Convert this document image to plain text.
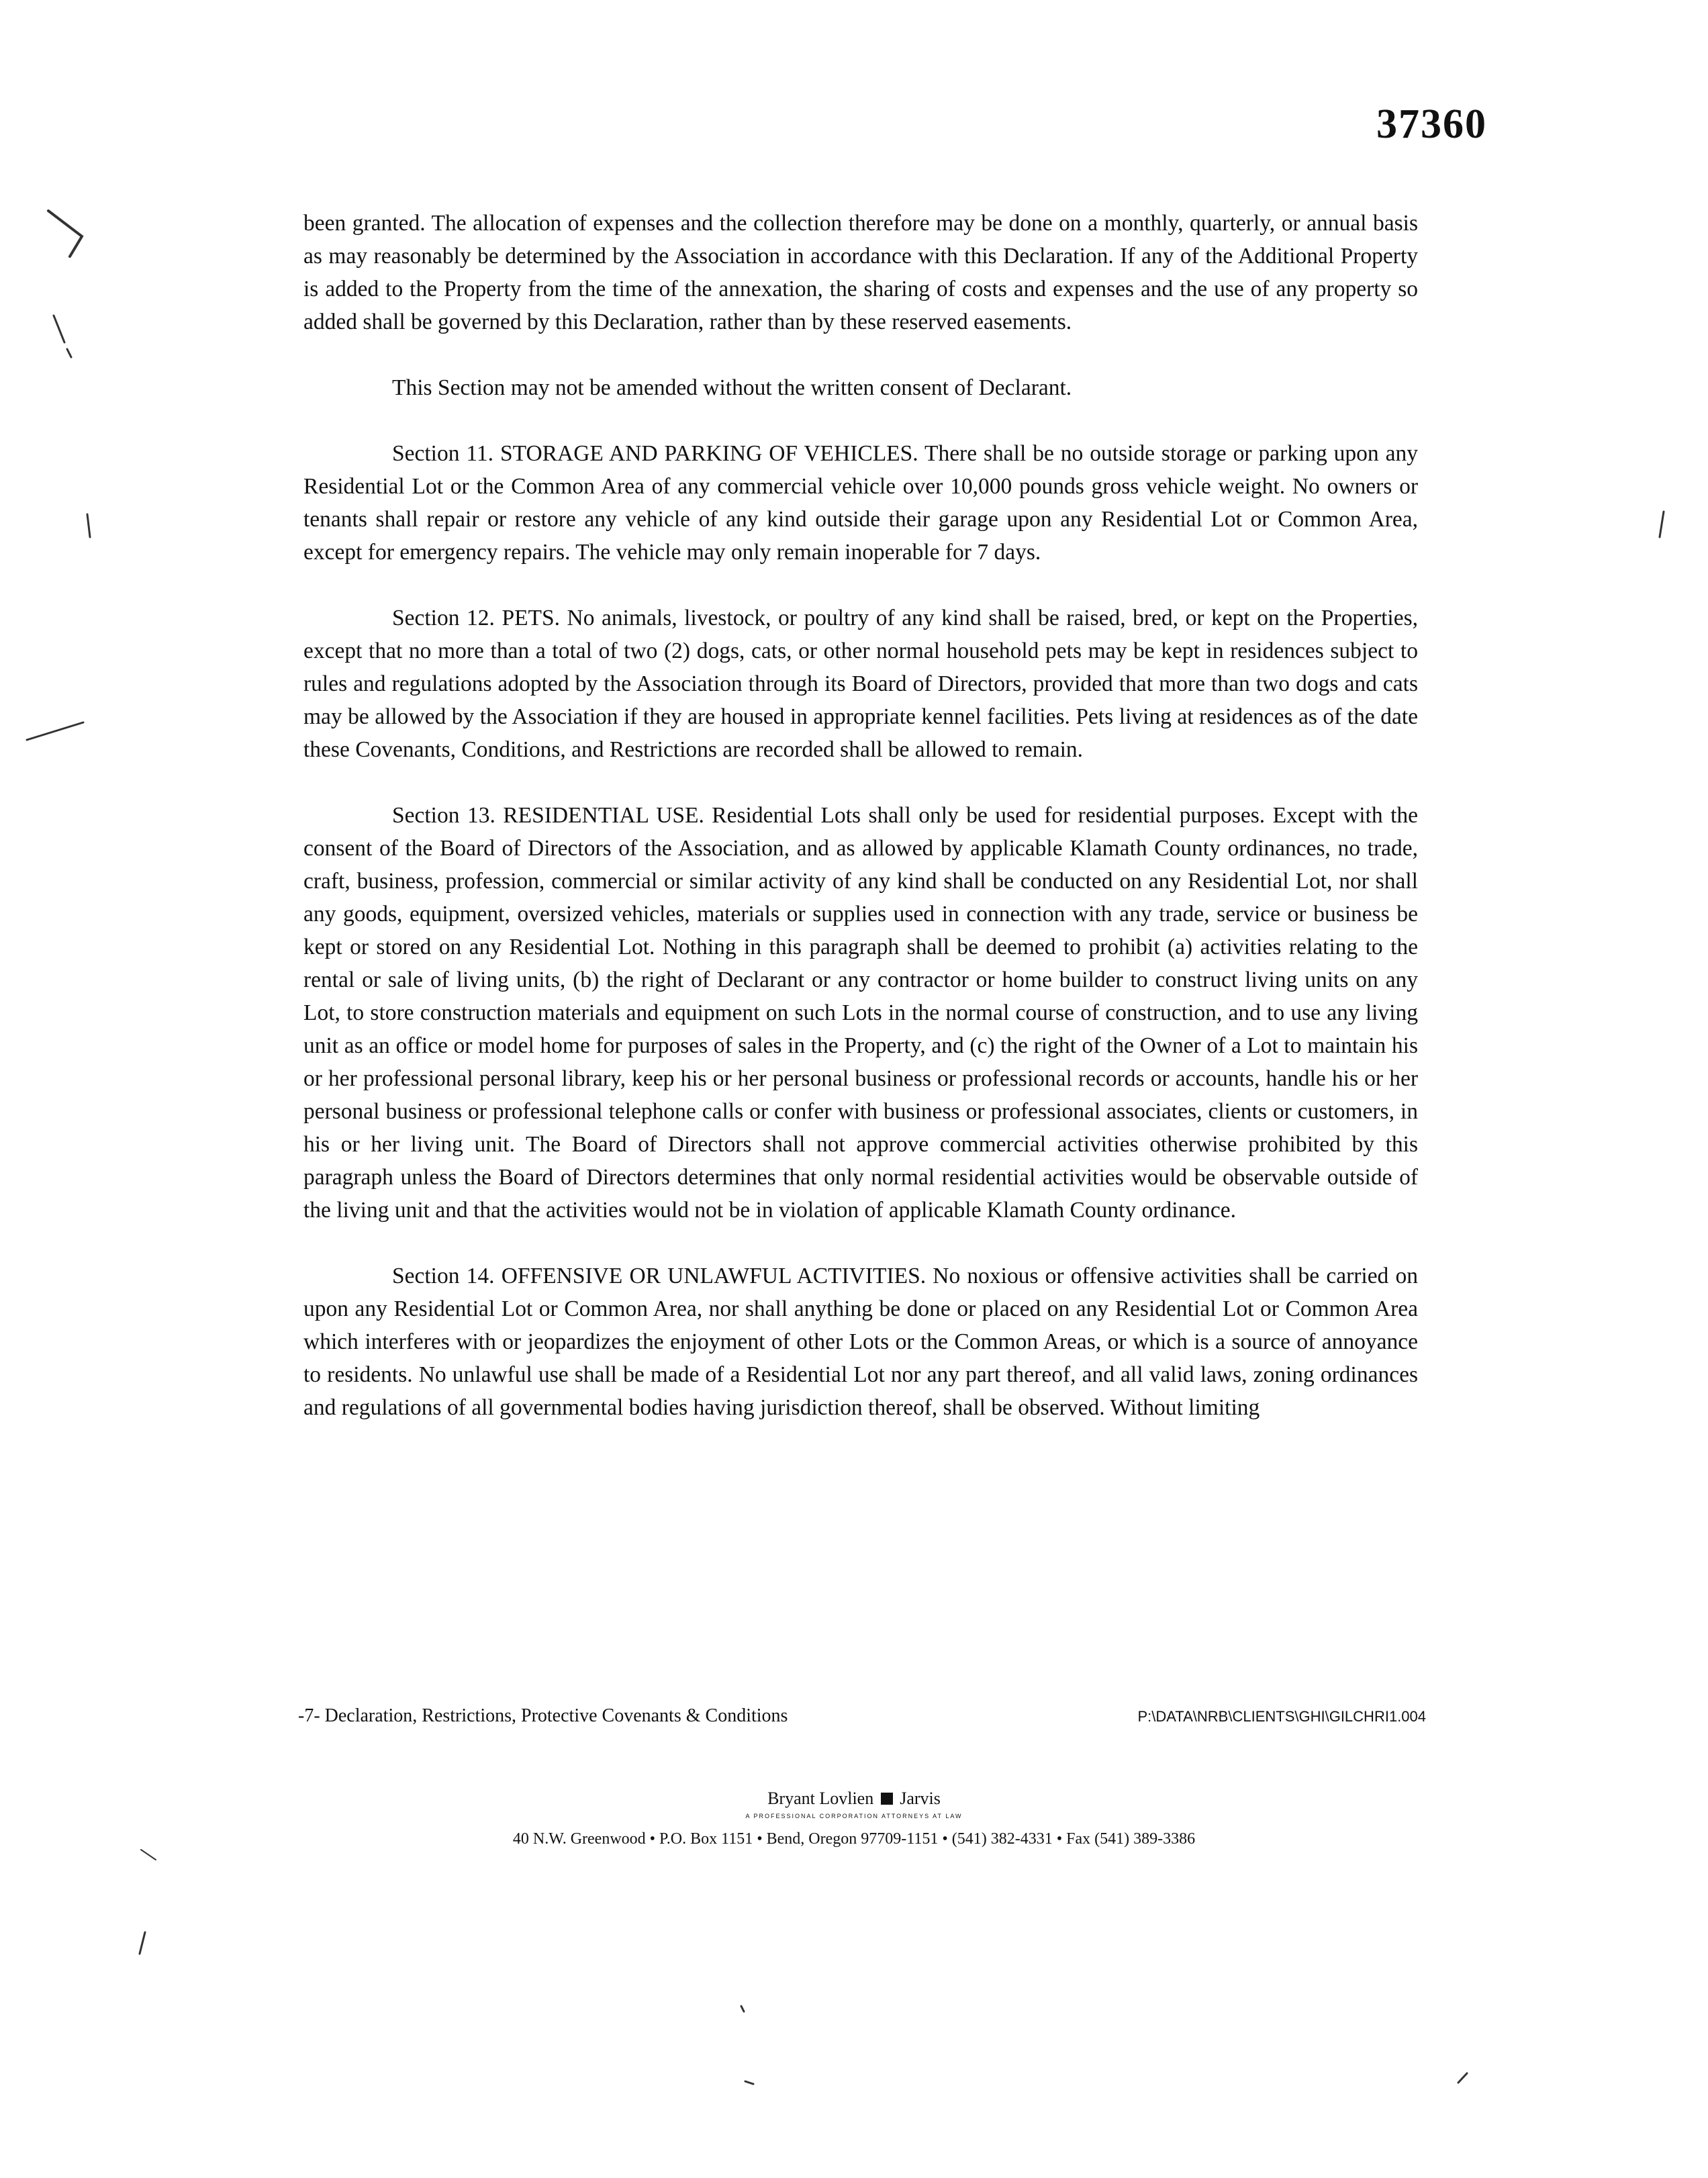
37360

been granted. The allocation of expenses and the collection therefore may be done on a monthly, quarterly, or annual basis as may reasonably be determined by the Association in accordance with this Declaration. If any of the Additional Property is added to the Property from the time of the annexation, the sharing of costs and expenses and the use of any property so added shall be governed by this Declaration, rather than by these reserved easements.

This Section may not be amended without the written consent of Declarant.

Section 11. STORAGE AND PARKING OF VEHICLES. There shall be no outside storage or parking upon any Residential Lot or the Common Area of any commercial vehicle over 10,000 pounds gross vehicle weight. No owners or tenants shall repair or restore any vehicle of any kind outside their garage upon any Residential Lot or Common Area, except for emergency repairs. The vehicle may only remain inoperable for 7 days.

Section 12. PETS. No animals, livestock, or poultry of any kind shall be raised, bred, or kept on the Properties, except that no more than a total of two (2) dogs, cats, or other normal household pets may be kept in residences subject to rules and regulations adopted by the Association through its Board of Directors, provided that more than two dogs and cats may be allowed by the Association if they are housed in appropriate kennel facilities. Pets living at residences as of the date these Covenants, Conditions, and Restrictions are recorded shall be allowed to remain.

Section 13. RESIDENTIAL USE. Residential Lots shall only be used for residential purposes. Except with the consent of the Board of Directors of the Association, and as allowed by applicable Klamath County ordinances, no trade, craft, business, profession, commercial or similar activity of any kind shall be conducted on any Residential Lot, nor shall any goods, equipment, oversized vehicles, materials or supplies used in connection with any trade, service or business be kept or stored on any Residential Lot. Nothing in this paragraph shall be deemed to prohibit (a) activities relating to the rental or sale of living units, (b) the right of Declarant or any contractor or home builder to construct living units on any Lot, to store construction materials and equipment on such Lots in the normal course of construction, and to use any living unit as an office or model home for purposes of sales in the Property, and (c) the right of the Owner of a Lot to maintain his or her professional personal library, keep his or her personal business or professional records or accounts, handle his or her personal business or professional telephone calls or confer with business or professional associates, clients or customers, in his or her living unit. The Board of Directors shall not approve commercial activities otherwise prohibited by this paragraph unless the Board of Directors determines that only normal residential activities would be observable outside of the living unit and that the activities would not be in violation of applicable Klamath County ordinance.

Section 14. OFFENSIVE OR UNLAWFUL ACTIVITIES. No noxious or offensive activities shall be carried on upon any Residential Lot or Common Area, nor shall anything be done or placed on any Residential Lot or Common Area which interferes with or jeopardizes the enjoyment of other Lots or the Common Areas, or which is a source of annoyance to residents. No unlawful use shall be made of a Residential Lot nor any part thereof, and all valid laws, zoning ordinances and regulations of all governmental bodies having jurisdiction thereof, shall be observed. Without limiting

-7- Declaration, Restrictions, Protective Covenants & Conditions	P:\DATA\NRB\CLIENTS\GHI\GILCHRI1.004
Bryant Lovlien Jarvis
A PROFESSIONAL CORPORATION ATTORNEYS AT LAW
40 N.W. Greenwood • P.O. Box 1151 • Bend, Oregon 97709-1151 • (541) 382-4331 • Fax (541) 389-3386
